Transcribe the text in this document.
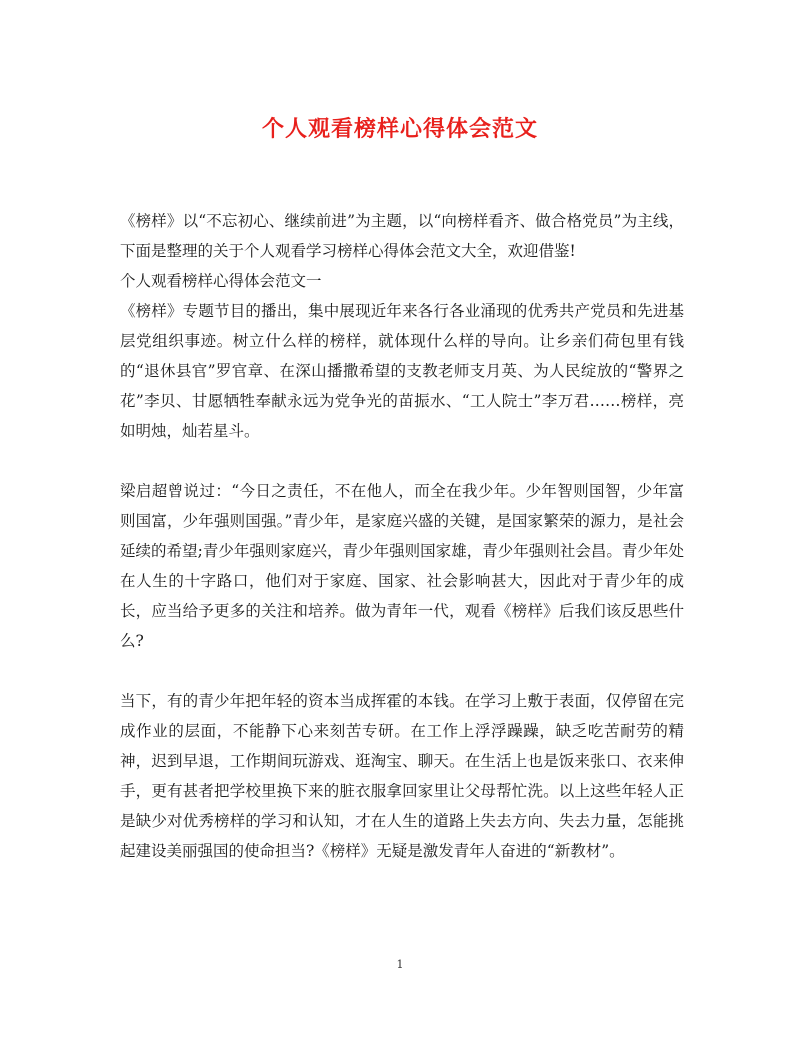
个人观看榜样心得体会范文

《榜样》以“不忘初心、继续前进”为主题，以“向榜样看齐、做合格党员”为主线，下面是整理的关于个人观看学习榜样心得体会范文大全，欢迎借鉴!

个人观看榜样心得体会范文一

《榜样》专题节目的播出，集中展现近年来各行各业涌现的优秀共产党员和先进基层党组织事迹。树立什么样的榜样，就体现什么样的导向。让乡亲们荷包里有钱的“退休县官”罗官章、在深山播撒希望的支教老师支月英、为人民绽放的“警界之花”李贝、甘愿牺牲奉献永远为党争光的苗振水、“工人院士”李万君……榜样，亮如明烛，灿若星斗。

梁启超曾说过：“今日之责任，不在他人，而全在我少年。少年智则国智，少年富则国富，少年强则国强。”青少年，是家庭兴盛的关键，是国家繁荣的源力，是社会延续的希望;青少年强则家庭兴，青少年强则国家雄，青少年强则社会昌。青少年处在人生的十字路口，他们对于家庭、国家、社会影响甚大，因此对于青少年的成长，应当给予更多的关注和培养。做为青年一代，观看《榜样》后我们该反思些什么?

当下，有的青少年把年轻的资本当成挥霍的本钱。在学习上敷于表面，仅停留在完成作业的层面，不能静下心来刻苦专研。在工作上浮浮躁躁，缺乏吃苦耐劳的精神，迟到早退，工作期间玩游戏、逛淘宝、聊天。在生活上也是饭来张口、衣来伸手，更有甚者把学校里换下来的脏衣服拿回家里让父母帮忙洗。以上这些年轻人正是缺少对优秀榜样的学习和认知，才在人生的道路上失去方向、失去力量，怎能挑起建设美丽强国的使命担当?《榜样》无疑是激发青年人奋进的“新教材”。

1
